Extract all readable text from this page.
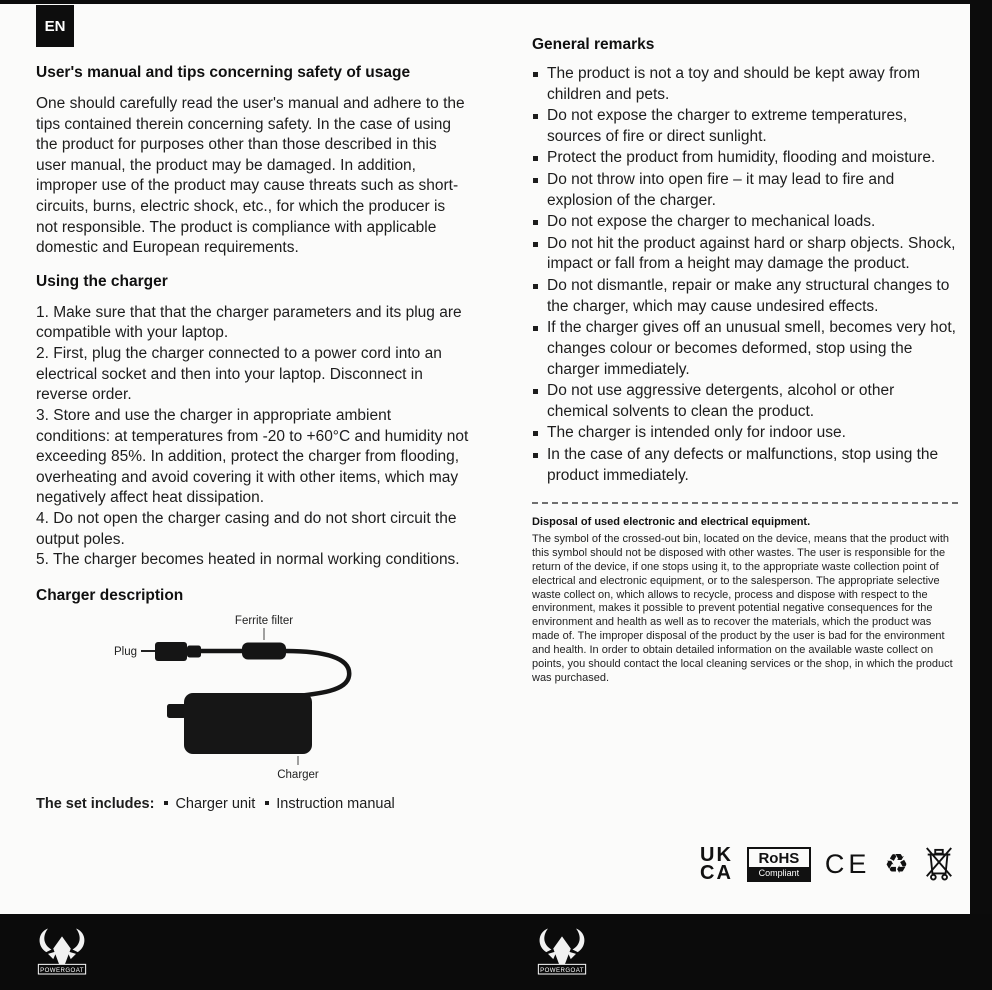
EN
User's manual and tips concerning safety of usage

One should carefully read the user's manual and adhere to the tips contained therein concerning safety. In the case of using the product for purposes other than those described in this user manual, the product may be damaged. In addition, improper use of the product may cause threats such as short-circuits, burns, electric shock, etc., for which the producer is not responsible. The product is compliance with applicable domestic and European requirements.

Using the charger

1. Make sure that that the charger parameters and its plug are compatible with your laptop.

2. First, plug the charger connected to a power cord into an electrical socket and then into your laptop. Disconnect in reverse order.

3. Store and use the charger in appropriate ambient conditions: at temperatures from -20 to +60°C and humidity not exceeding 85%. In addition, protect the charger from flooding, overheating and avoid covering it with other items, which may negatively affect heat dissipation.

4. Do not open the charger casing and do not short circuit the output poles.

5. The charger becomes heated in normal working conditions.

Charger description
Ferrite filter
Plug
Charger
The set includes:	Charger unit	Instruction manual
General remarks
The product is not a toy and should be kept away from children and pets.
Do not expose the charger to extreme temperatures, sources of fire or direct sunlight.
Protect the product from humidity, flooding and moisture.
Do not throw into open fire – it may lead to fire and explosion of the charger.
Do not expose the charger to mechanical loads.
Do not hit the product against hard or sharp objects. Shock, impact or fall from a height may damage the product.
Do not dismantle, repair or make any structural changes to the charger, which may cause undesired effects.
If the charger gives off an unusual smell, becomes very hot, changes colour or becomes deformed, stop using the charger immediately.
Do not use aggressive detergents, alcohol or other chemical solvents to clean the product.
The charger is intended only for indoor use.
In the case of any defects or malfunctions, stop using the product immediately.
Disposal of used electronic and electrical equipment.

The symbol of the crossed-out bin, located on the device, means that the product with this symbol should not be disposed with other wastes. The user is responsible for the return of the device, if one stops using it, to the appropriate waste collection point of electrical and electronic equipment, or to the salesperson. The appropriate selective waste collect on, which allows to recycle, process and dispose with respect to the environment, makes it possible to prevent potential negative consequences for the environment and health as well as to recover the materials, which the product was made of. The improper disposal of the product by the user is bad for the environment and health. In order to obtain detailed information on the available waste collect on points, you should contact the local cleaning services or the shop, in which the product was purchased.

UK
CA
RoHS
Compliant CE ♻
POWERGOAT	POWERGOAT
